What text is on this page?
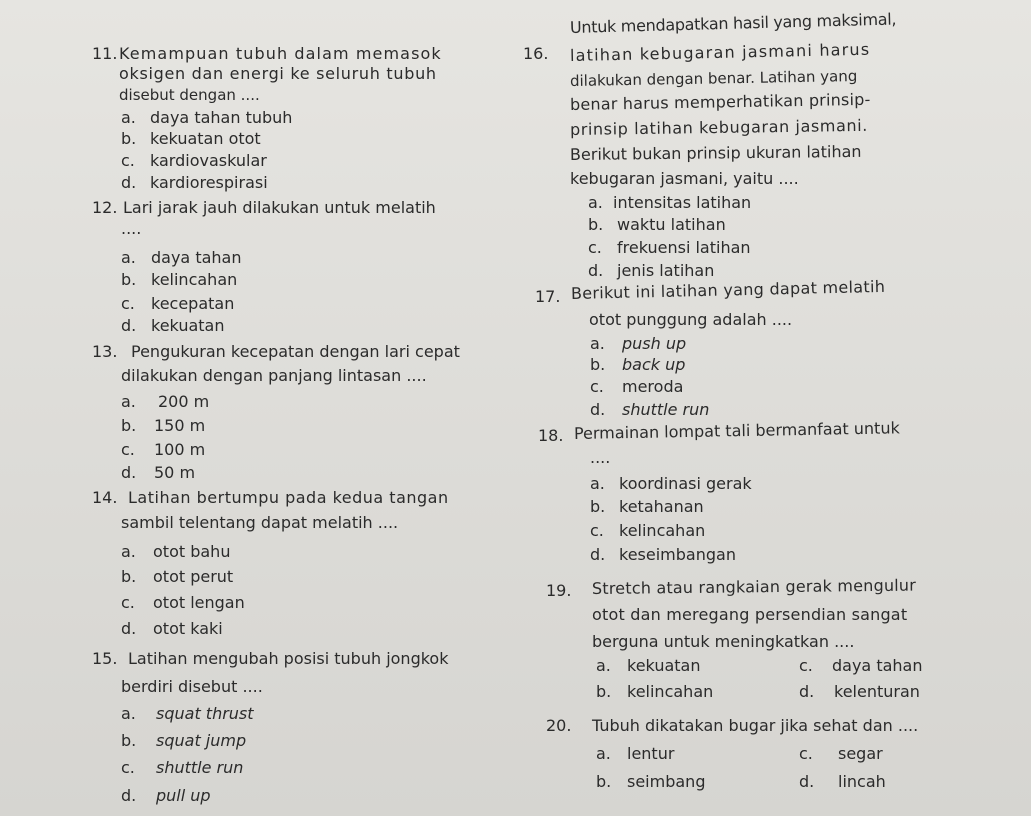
11. Kemampuan tubuh dalam memasok
oksigen dan energi ke seluruh tubuh
disebut dengan ....
a. daya tahan tubuh
b. kekuatan otot
c. kardiovaskular
d. kardiorespirasi
12. Lari jarak jauh dilakukan untuk melatih
....
a. daya tahan
b. kelincahan
c. kecepatan
d. kekuatan
13. Pengukuran kecepatan dengan lari cepat
dilakukan dengan panjang lintasan ....
a. 200 m
b. 150 m
c. 100 m
d. 50 m
14. Latihan bertumpu pada kedua tangan
sambil telentang dapat melatih ....
a. otot bahu
b. otot perut
c. otot lengan
d. otot kaki
15. Latihan mengubah posisi tubuh jongkok
berdiri disebut ....
a. squat thrust
b. squat jump
c. shuttle run
d. pull up
16.
Untuk mendapatkan hasil yang maksimal,
latihan kebugaran jasmani harus
dilakukan dengan benar. Latihan yang
benar harus memperhatikan prinsip-
prinsip latihan kebugaran jasmani.
Berikut bukan prinsip ukuran latihan
kebugaran jasmani, yaitu ....
a. intensitas latihan
b. waktu latihan
c. frekuensi latihan
d. jenis latihan
17. Berikut ini latihan yang dapat melatih
otot punggung adalah ....
a. push up
b. back up
c. meroda
d. shuttle run
18. Permainan lompat tali bermanfaat untuk
....
a. koordinasi gerak
b. ketahanan
c. kelincahan
d. keseimbangan
19. Stretch atau rangkaian gerak mengulur
otot dan meregang persendian sangat
berguna untuk meningkatkan ....
a. kekuatan	c. daya tahan
b. kelincahan	d. kelenturan
20. Tubuh dikatakan bugar jika sehat dan ....
a. lentur	c. segar
b. seimbang	d. lincah
